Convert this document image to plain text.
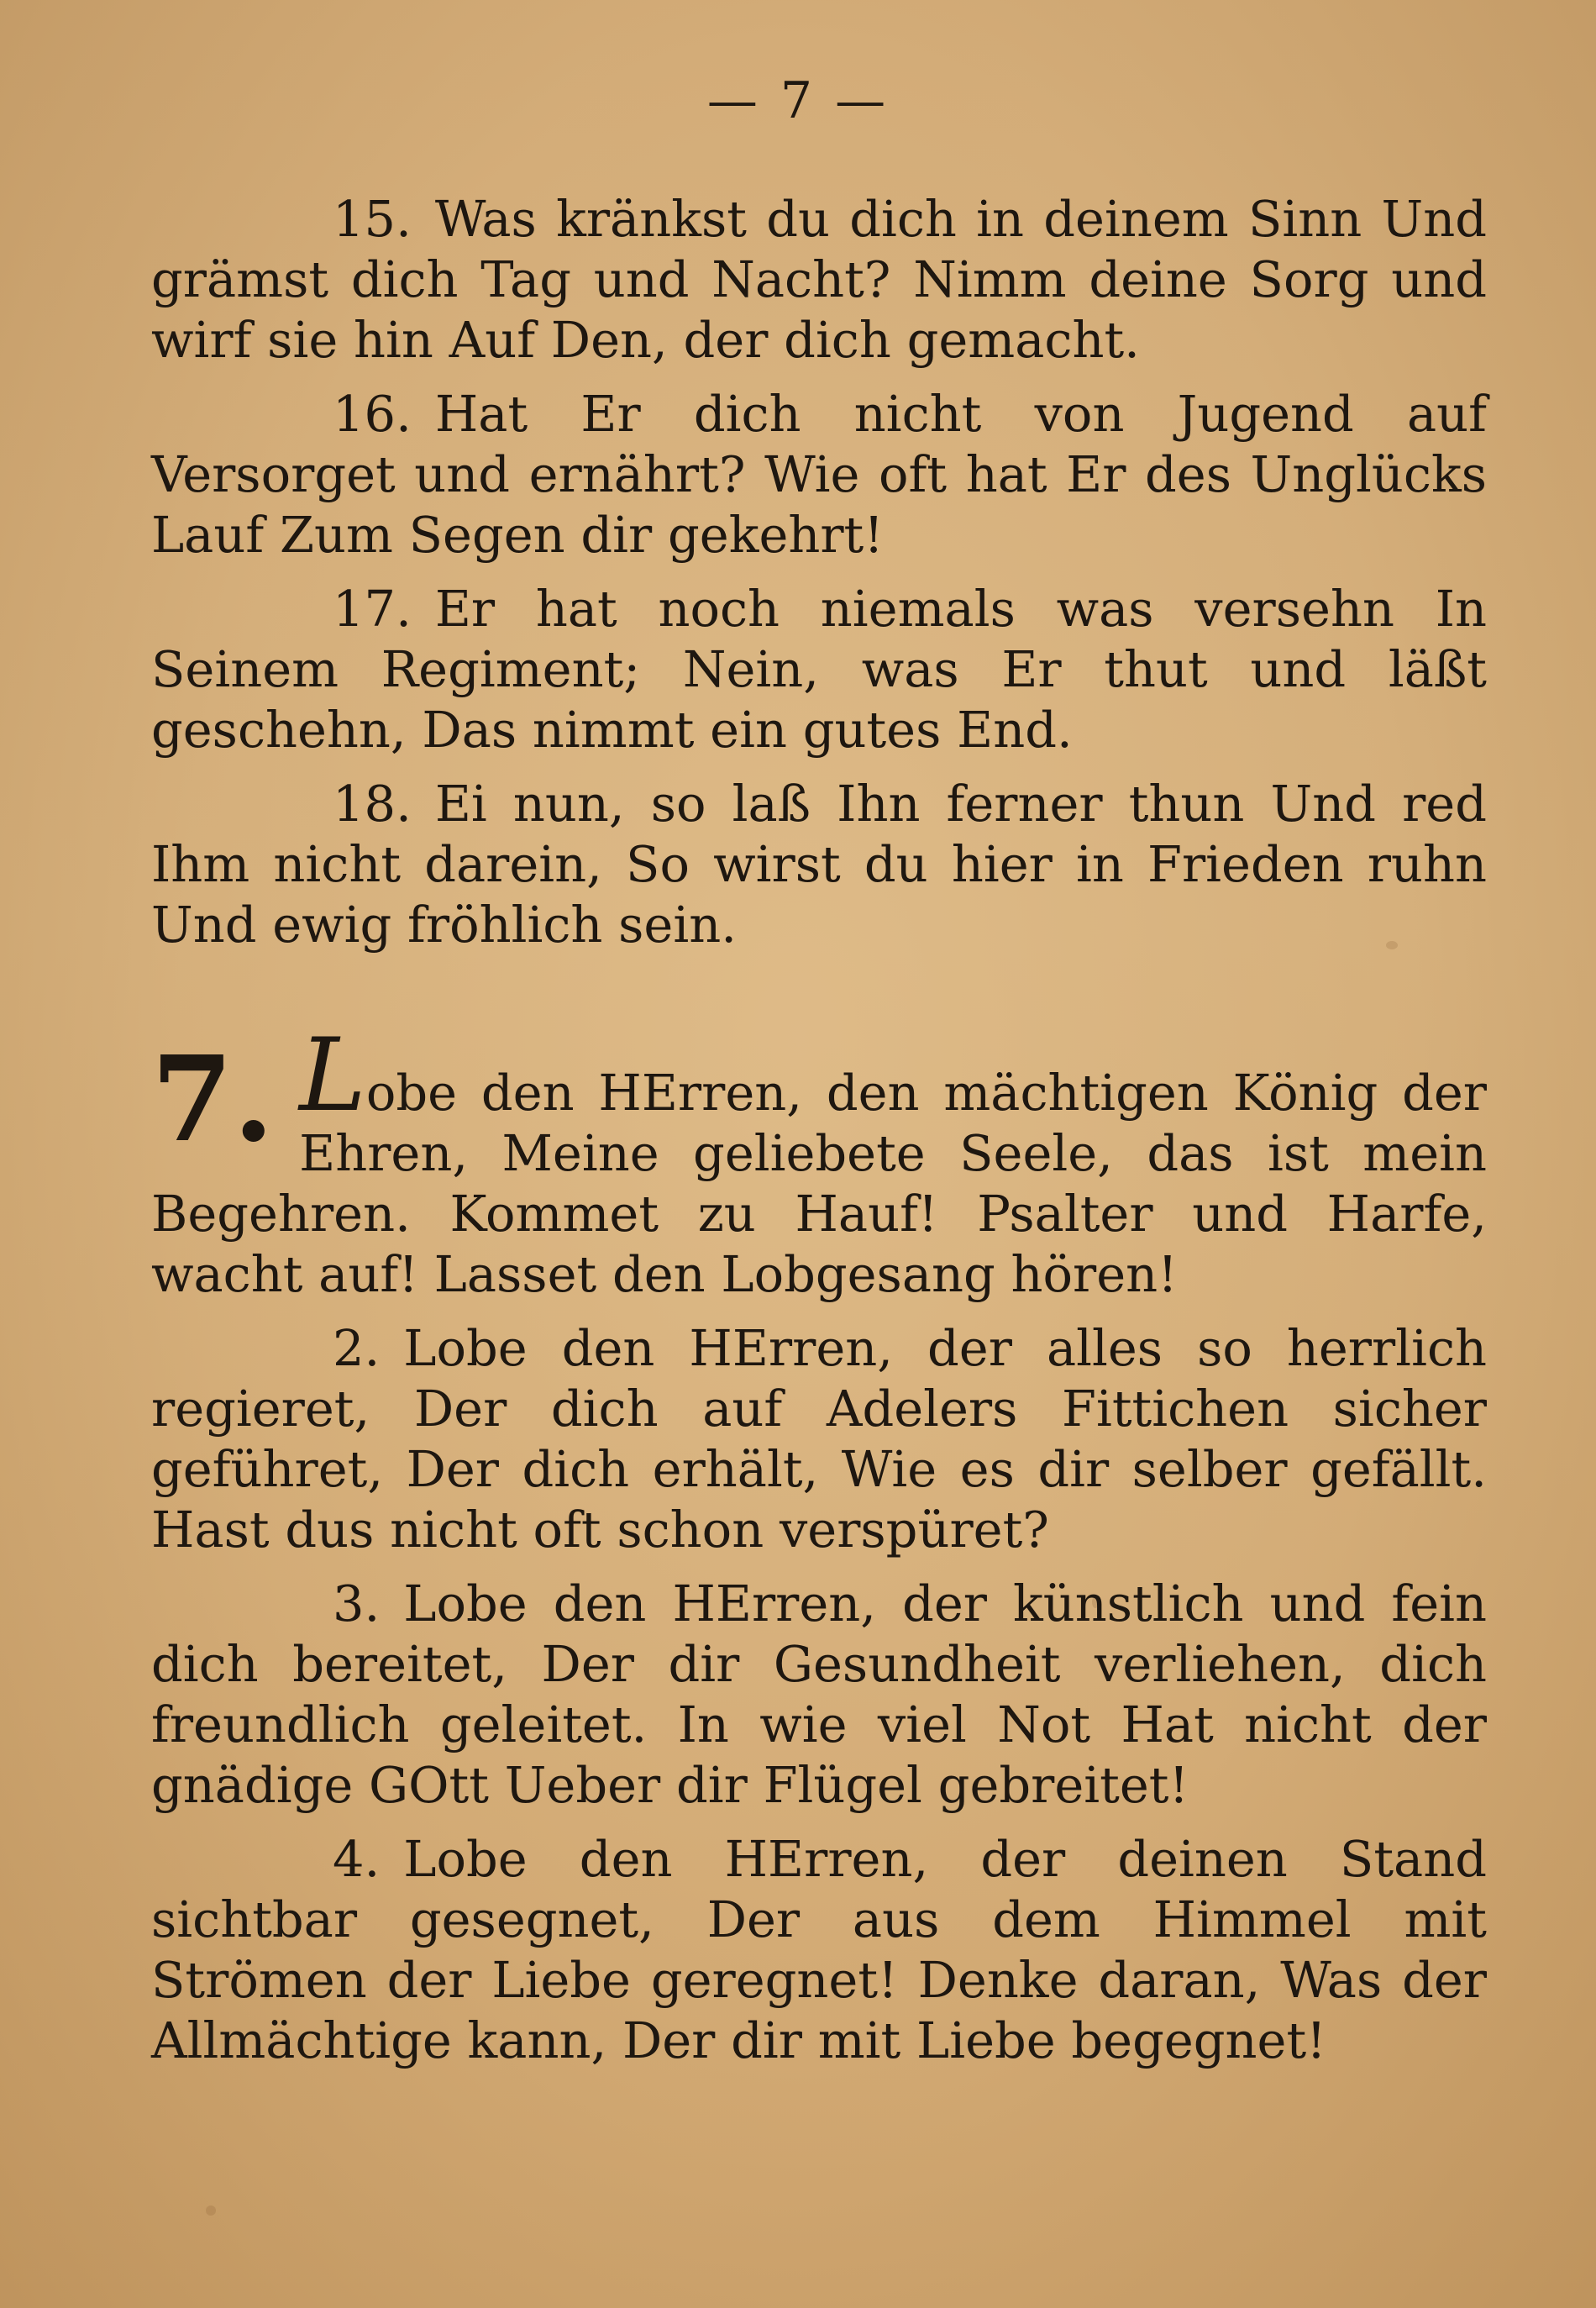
— 7 —

15. Was kränkst du dich in deinem Sinn Und grämst dich Tag und Nacht? Nimm deine Sorg und wirf sie hin Auf Den, der dich gemacht.

16. Hat Er dich nicht von Jugend auf Versorget und ernährt? Wie oft hat Er des Unglücks Lauf Zum Segen dir gekehrt!

17. Er hat noch niemals was versehn In Seinem Regiment; Nein, was Er thut und läßt geschehn, Das nimmt ein gutes End.

18. Ei nun, so laß Ihn ferner thun Und red Ihm nicht darein, So wirst du hier in Frieden ruhn Und ewig fröhlich sein.

7. Lobe den HErren, den mächtigen König der Ehren, Meine geliebete Seele, das ist mein Begehren. Kommet zu Hauf! Psalter und Harfe, wacht auf! Lasset den Lobgesang hören!

2. Lobe den HErren, der alles so herrlich regieret, Der dich auf Adelers Fittichen sicher geführet, Der dich erhält, Wie es dir selber gefällt. Hast dus nicht oft schon verspüret?

3. Lobe den HErren, der künstlich und fein dich bereitet, Der dir Gesundheit verliehen, dich freundlich geleitet. In wie viel Not Hat nicht der gnädige GOtt Ueber dir Flügel gebreitet!

4. Lobe den HErren, der deinen Stand sichtbar gesegnet, Der aus dem Himmel mit Strömen der Liebe geregnet! Denke daran, Was der Allmächtige kann, Der dir mit Liebe begegnet!
